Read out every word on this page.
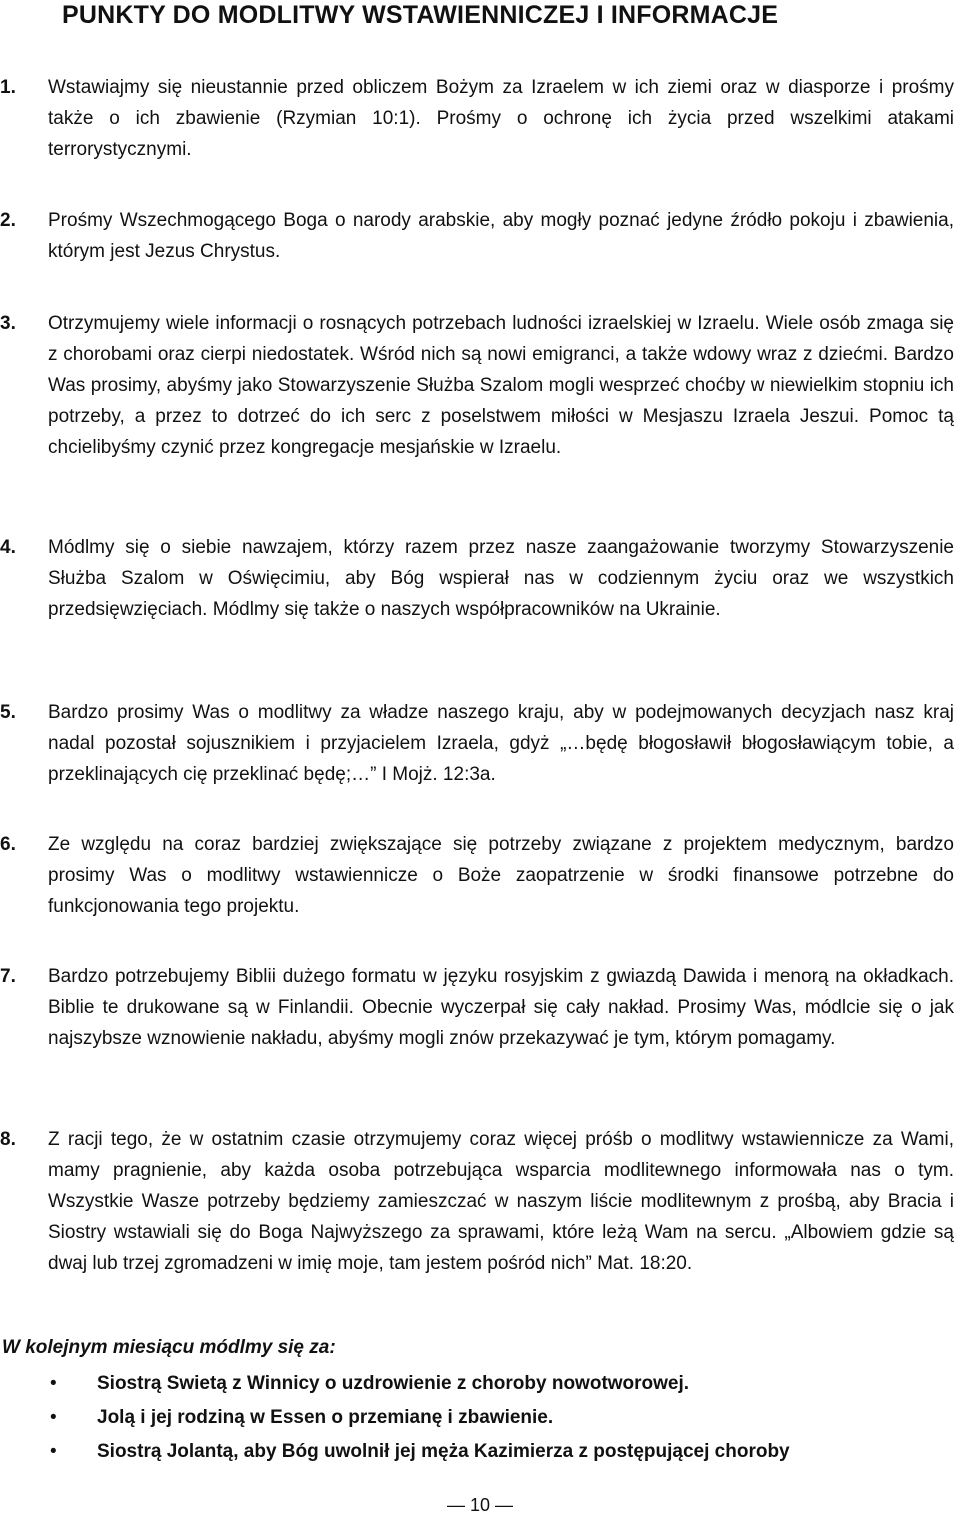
PUNKTY DO MODLITWY WSTAWIENNICZEJ I INFORMACJE
1.	Wstawiajmy się nieustannie przed obliczem Bożym za Izraelem w ich ziemi oraz w diasporze i prośmy także o ich zbawienie (Rzymian 10:1). Prośmy o ochronę ich życia przed wszelkimi atakami terrorystycznymi.
2.	Prośmy Wszechmogącego Boga o narody arabskie, aby mogły poznać jedyne źródło pokoju i zbawienia, którym jest Jezus Chrystus.
3.	Otrzymujemy wiele informacji o rosnących potrzebach ludności izraelskiej w Izraelu. Wiele osób zmaga się z chorobami oraz cierpi niedostatek. Wśród nich są nowi emigranci, a także wdowy wraz z dziećmi. Bardzo Was prosimy, abyśmy jako Stowarzyszenie Służba Szalom mogli wesprzeć choćby w niewielkim stopniu ich potrzeby, a przez to dotrzeć do ich serc z poselstwem miłości w Mesjaszu Izraela Jeszui. Pomoc tą chcielibyśmy czynić przez kongregacje mesjańskie w Izraelu.
4.	Módlmy się o siebie nawzajem, którzy razem przez nasze zaangażowanie tworzymy Stowarzyszenie Służba Szalom w Oświęcimiu, aby Bóg wspierał nas w codziennym życiu oraz we wszystkich przedsięwzięciach. Módlmy się także o naszych współpracowników na Ukrainie.
5.	Bardzo prosimy Was o modlitwy za władze naszego kraju, aby w podejmowanych decyzjach nasz kraj nadal pozostał sojusznikiem i przyjacielem Izraela, gdyż „…będę błogosławił błogosławiącym tobie, a przeklinających cię przeklinać będę;…” I Mojż. 12:3a.
6.	Ze względu na coraz bardziej zwiększające się potrzeby związane z projektem medycznym, bardzo prosimy Was o modlitwy wstawiennicze o Boże zaopatrzenie w środki finansowe potrzebne do funkcjonowania tego projektu.
7.	Bardzo potrzebujemy Biblii dużego formatu w języku rosyjskim z gwiazdą Dawida i menorą na okładkach. Biblie te drukowane są w Finlandii. Obecnie wyczerpał się cały nakład. Prosimy Was, módlcie się o jak najszybsze wznowienie nakładu, abyśmy mogli znów przekazywać je tym, którym pomagamy.
8.	Z racji tego, że w ostatnim czasie otrzymujemy coraz więcej próśb o modlitwy wstawiennicze za Wami, mamy pragnienie, aby każda osoba potrzebująca wsparcia modlitewnego informowała nas o tym. Wszystkie Wasze potrzeby będziemy zamieszczać w naszym liście modlitewnym z prośbą, aby Bracia i Siostry wstawiali się do Boga Najwyższego za sprawami, które leżą Wam na sercu. „Albowiem gdzie są dwaj lub trzej zgromadzeni w imię moje, tam jestem pośród nich” Mat. 18:20.
W kolejnym miesiącu módlmy się za:
• Siostrą Swietą z Winnicy o uzdrowienie z choroby nowotworowej.
• Jolą i jej rodziną w Essen o przemianę i zbawienie.
• Siostrą Jolantą, aby Bóg uwolnił jej męża Kazimierza z postępującej choroby
— 10 —
